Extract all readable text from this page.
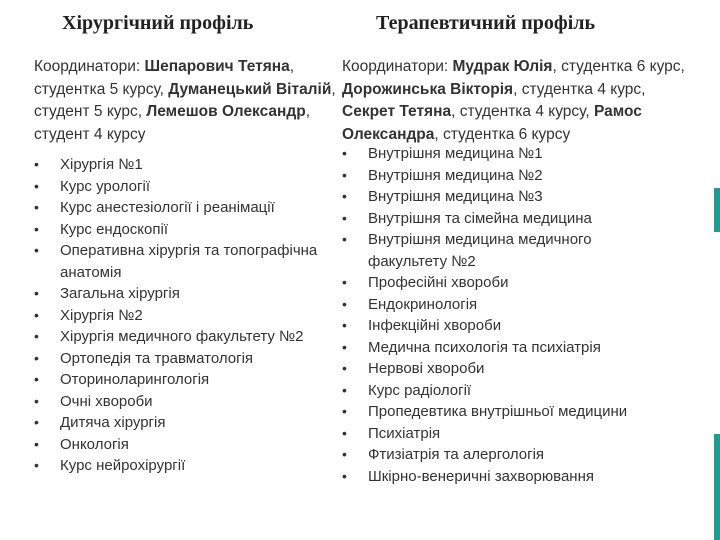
Хірургічний профіль

Координатори: Шепарович Тетяна, студентка 5 курсу, Думанецький Віталій, студент 5 курс, Лемешов Олександр, студент 4 курсу

• Хірургія №1
• Курс урології
• Курс анестезіології і реанімації
• Курс ендоскопії
• Оперативна хірургія та топографічна анатомія
• Загальна хірургія
• Хірургія №2
• Хірургія медичного факультету №2
• Ортопедія та травматологія
• Оториноларингологія
• Очні хвороби
• Дитяча хірургія
• Онкологія
• Курс нейрохірургії
Терапевтичний профіль

Координатори: Мудрак Юлія, студентка 6 курс, Дорожинська Вікторія, студентка 4 курс, Секрет Тетяна, студентка 4 курсу, Рамос Олександра, студентка 6 курсу

• Внутрішня медицина №1
• Внутрішня медицина №2
• Внутрішня медицина №3
• Внутрішня та сімейна медицина
• Внутрішня медицина медичного факультету №2
• Професійні хвороби
• Ендокринологія
• Інфекційні хвороби
• Медична психологія та психіатрія
• Нервові хвороби
• Курс радіології
• Пропедевтика внутрішньої медицини
• Психіатрія
• Фтизіатрія та алергологія
• Шкірно-венеричні захворювання
